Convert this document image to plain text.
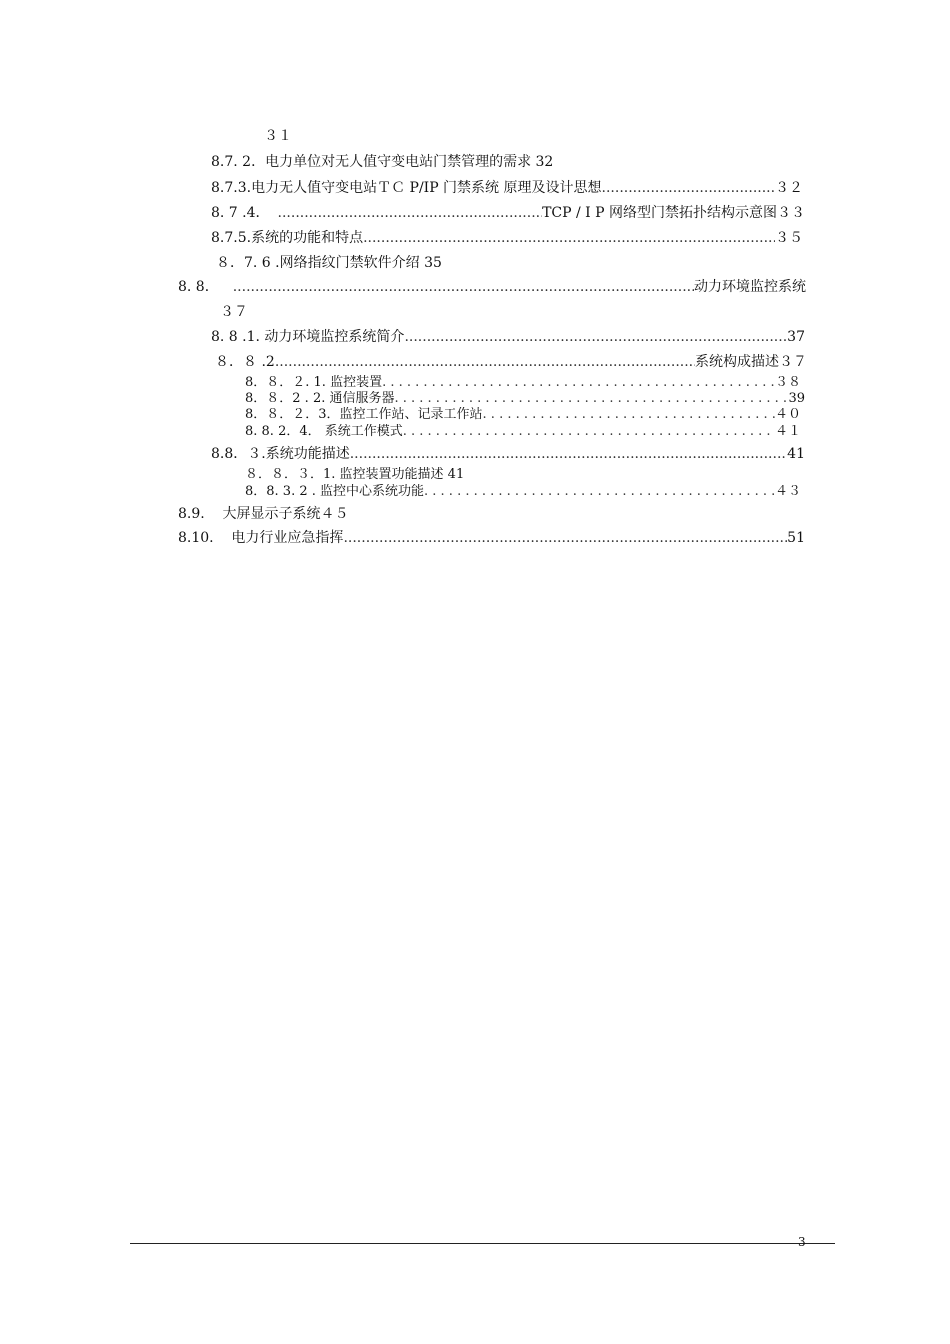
３１
8.7. 2．电力单位对无人值守变电站门禁管理的需求 32
8.7.3.电力无人值守变电站ＴＣ P/IP 门禁系统 原理及设计思想 .....	３２
8. 7 .4． .....	TCP / I P 网络型门禁拓扑结构示意图３３
8.7.5.系统的功能和特点 .....	３５
８．7. 6 .网络指纹门禁软件介绍 35
8. 8． .....	动力环境监控系统
３７
8. 8 .1. 动力环境监控系统简介 .....	37
８．８ .2 .....	系统构成描述３７
8．８．２. 1. 监控装置 . . .	３８
8．８．2 . 2. 通信服务器 . . .	39
8．８．２．3．监控工作站、记录工作站 . . .	４０
8. 8. 2．4． 系统工作模式 . . .	４１
8.8．３.系统功能描述 .....	41
８．８．３．1. 监控装置功能描述 41
8．8. 3. 2 . 监控中心系统功能 . . .	４３
8.9.    大屏显示子系统４５
8.10.    电力行业应急指挥 .....	51
3
